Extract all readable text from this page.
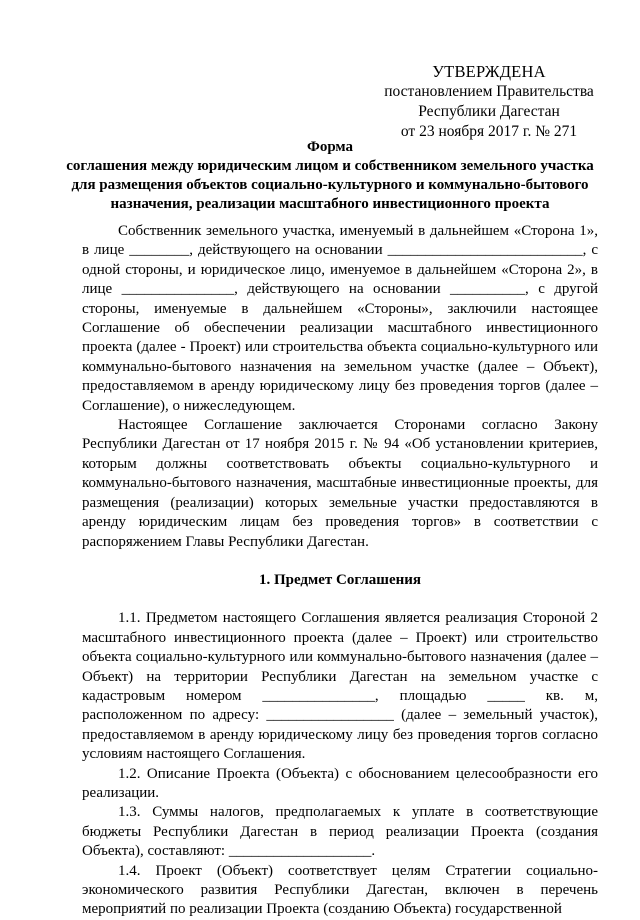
УТВЕРЖДЕНА
постановлением Правительства
Республики Дагестан
от 23 ноября 2017 г. № 271
Форма
соглашения между юридическим лицом и собственником земельного участка для размещения объектов социально-культурного и коммунально-бытового назначения, реализации масштабного инвестиционного проекта

Собственник земельного участка, именуемый в дальнейшем «Сторона 1», в лице ________, действующего на основании __________________________, с одной стороны, и юридическое лицо, именуемое в дальнейшем «Сторона 2», в лице _______________, действующего на основании __________, с другой стороны, именуемые в дальнейшем «Стороны», заключили настоящее Соглашение об обеспечении реализации масштабного инвестиционного проекта (далее - Проект) или строительства объекта социально-культурного или коммунально-бытового назначения на земельном участке (далее – Объект), предоставляемом в аренду юридическому лицу без проведения торгов (далее – Соглашение), о нижеследующем.

Настоящее Соглашение заключается Сторонами согласно Закону Республики Дагестан от 17 ноября 2015 г. № 94 «Об установлении критериев, которым должны соответствовать объекты социально-культурного и коммунально-бытового назначения, масштабные инвестиционные проекты, для размещения (реализации) которых земельные участки предоставляются в аренду юридическим лицам без проведения торгов» в соответствии с распоряжением Главы Республики Дагестан.

1. Предмет Соглашения

1.1. Предметом настоящего Соглашения является реализация Стороной 2 масштабного инвестиционного проекта (далее – Проект) или строительство объекта социально-культурного или коммунально-бытового назначения (далее – Объект) на территории Республики Дагестан на земельном участке с кадастровым номером _______________, площадью _____ кв. м, расположенном по адресу: _________________ (далее – земельный участок), предоставляемом в аренду юридическому лицу без проведения торгов согласно условиям настоящего Соглашения.

1.2. Описание Проекта (Объекта) с обоснованием целесообразности его реализации.

1.3. Суммы налогов, предполагаемых к уплате в соответствующие бюджеты Республики Дагестан в период реализации Проекта (создания Объекта), составляют: ___________________.

1.4. Проект (Объект) соответствует целям Стратегии социально-экономического развития Республики Дагестан, включен в перечень мероприятий по реализации Проекта (созданию Объекта) государственной
